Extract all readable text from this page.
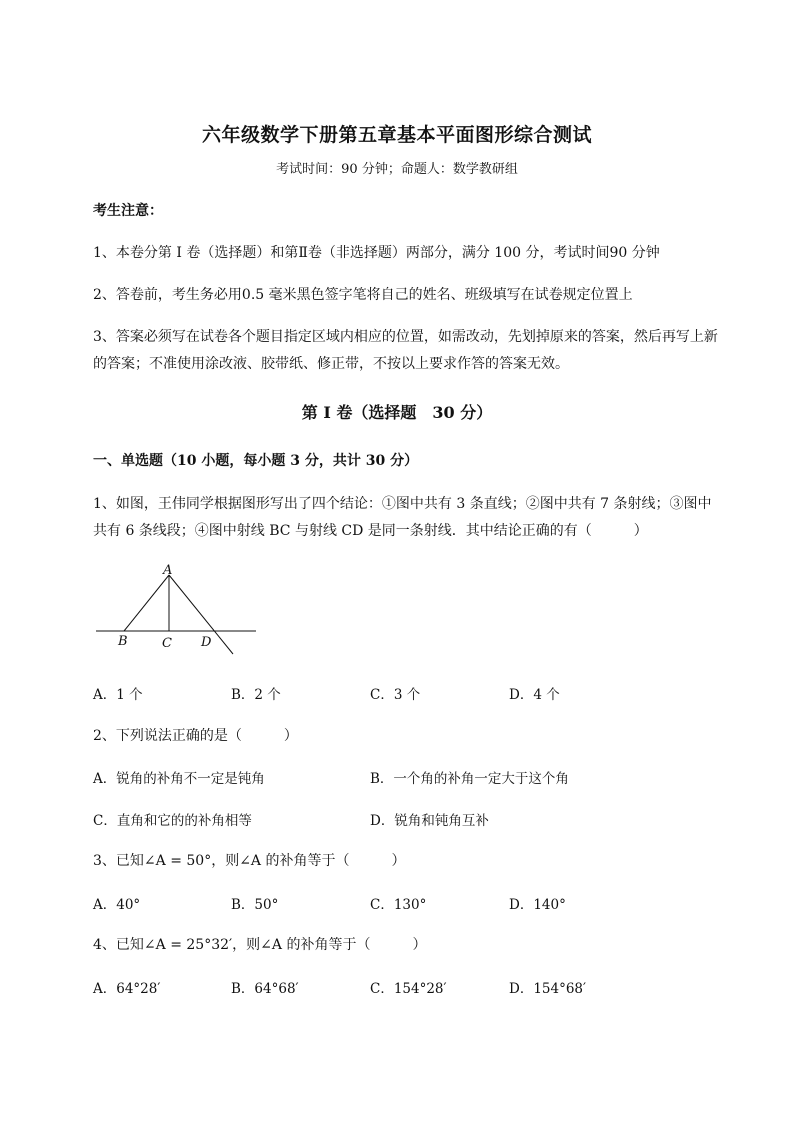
六年级数学下册第五章基本平面图形综合测试
考试时间：90 分钟；命题人：数学教研组
考生注意：
1、本卷分第 I 卷（选择题）和第Ⅱ卷（非选择题）两部分，满分 100 分，考试时间90 分钟
2、答卷前，考生务必用0.5 毫米黑色签字笔将自己的姓名、班级填写在试卷规定位置上
3、答案必须写在试卷各个题目指定区域内相应的位置，如需改动，先划掉原来的答案，然后再写上新
的答案；不准使用涂改液、胶带纸、修正带，不按以上要求作答的答案无效。
第 I 卷（选择题　30 分）
一、单选题（10 小题，每小题 3 分，共计 30 分）
1、如图，王伟同学根据图形写出了四个结论：①图中共有 3 条直线；②图中共有 7 条射线；③图中
共有 6 条线段；④图中射线 BC 与射线 CD 是同一条射线．其中结论正确的有（　　　）
A
B	C D
A．1 个	B．2 个	C．3 个	D．4 个
2、下列说法正确的是（　　　）
A．锐角的补角不一定是钝角	B．一个角的补角一定大于这个角
C．直角和它的的补角相等	D．锐角和钝角互补
3、已知∠A = 50°，则∠A 的补角等于（　　　）
A．40°	B．50°	C．130°	D．140°
4、已知∠A = 25°32′，则∠A 的补角等于（　　　）
A．64°28′	B．64°68′	C．154°28′	D．154°68′
